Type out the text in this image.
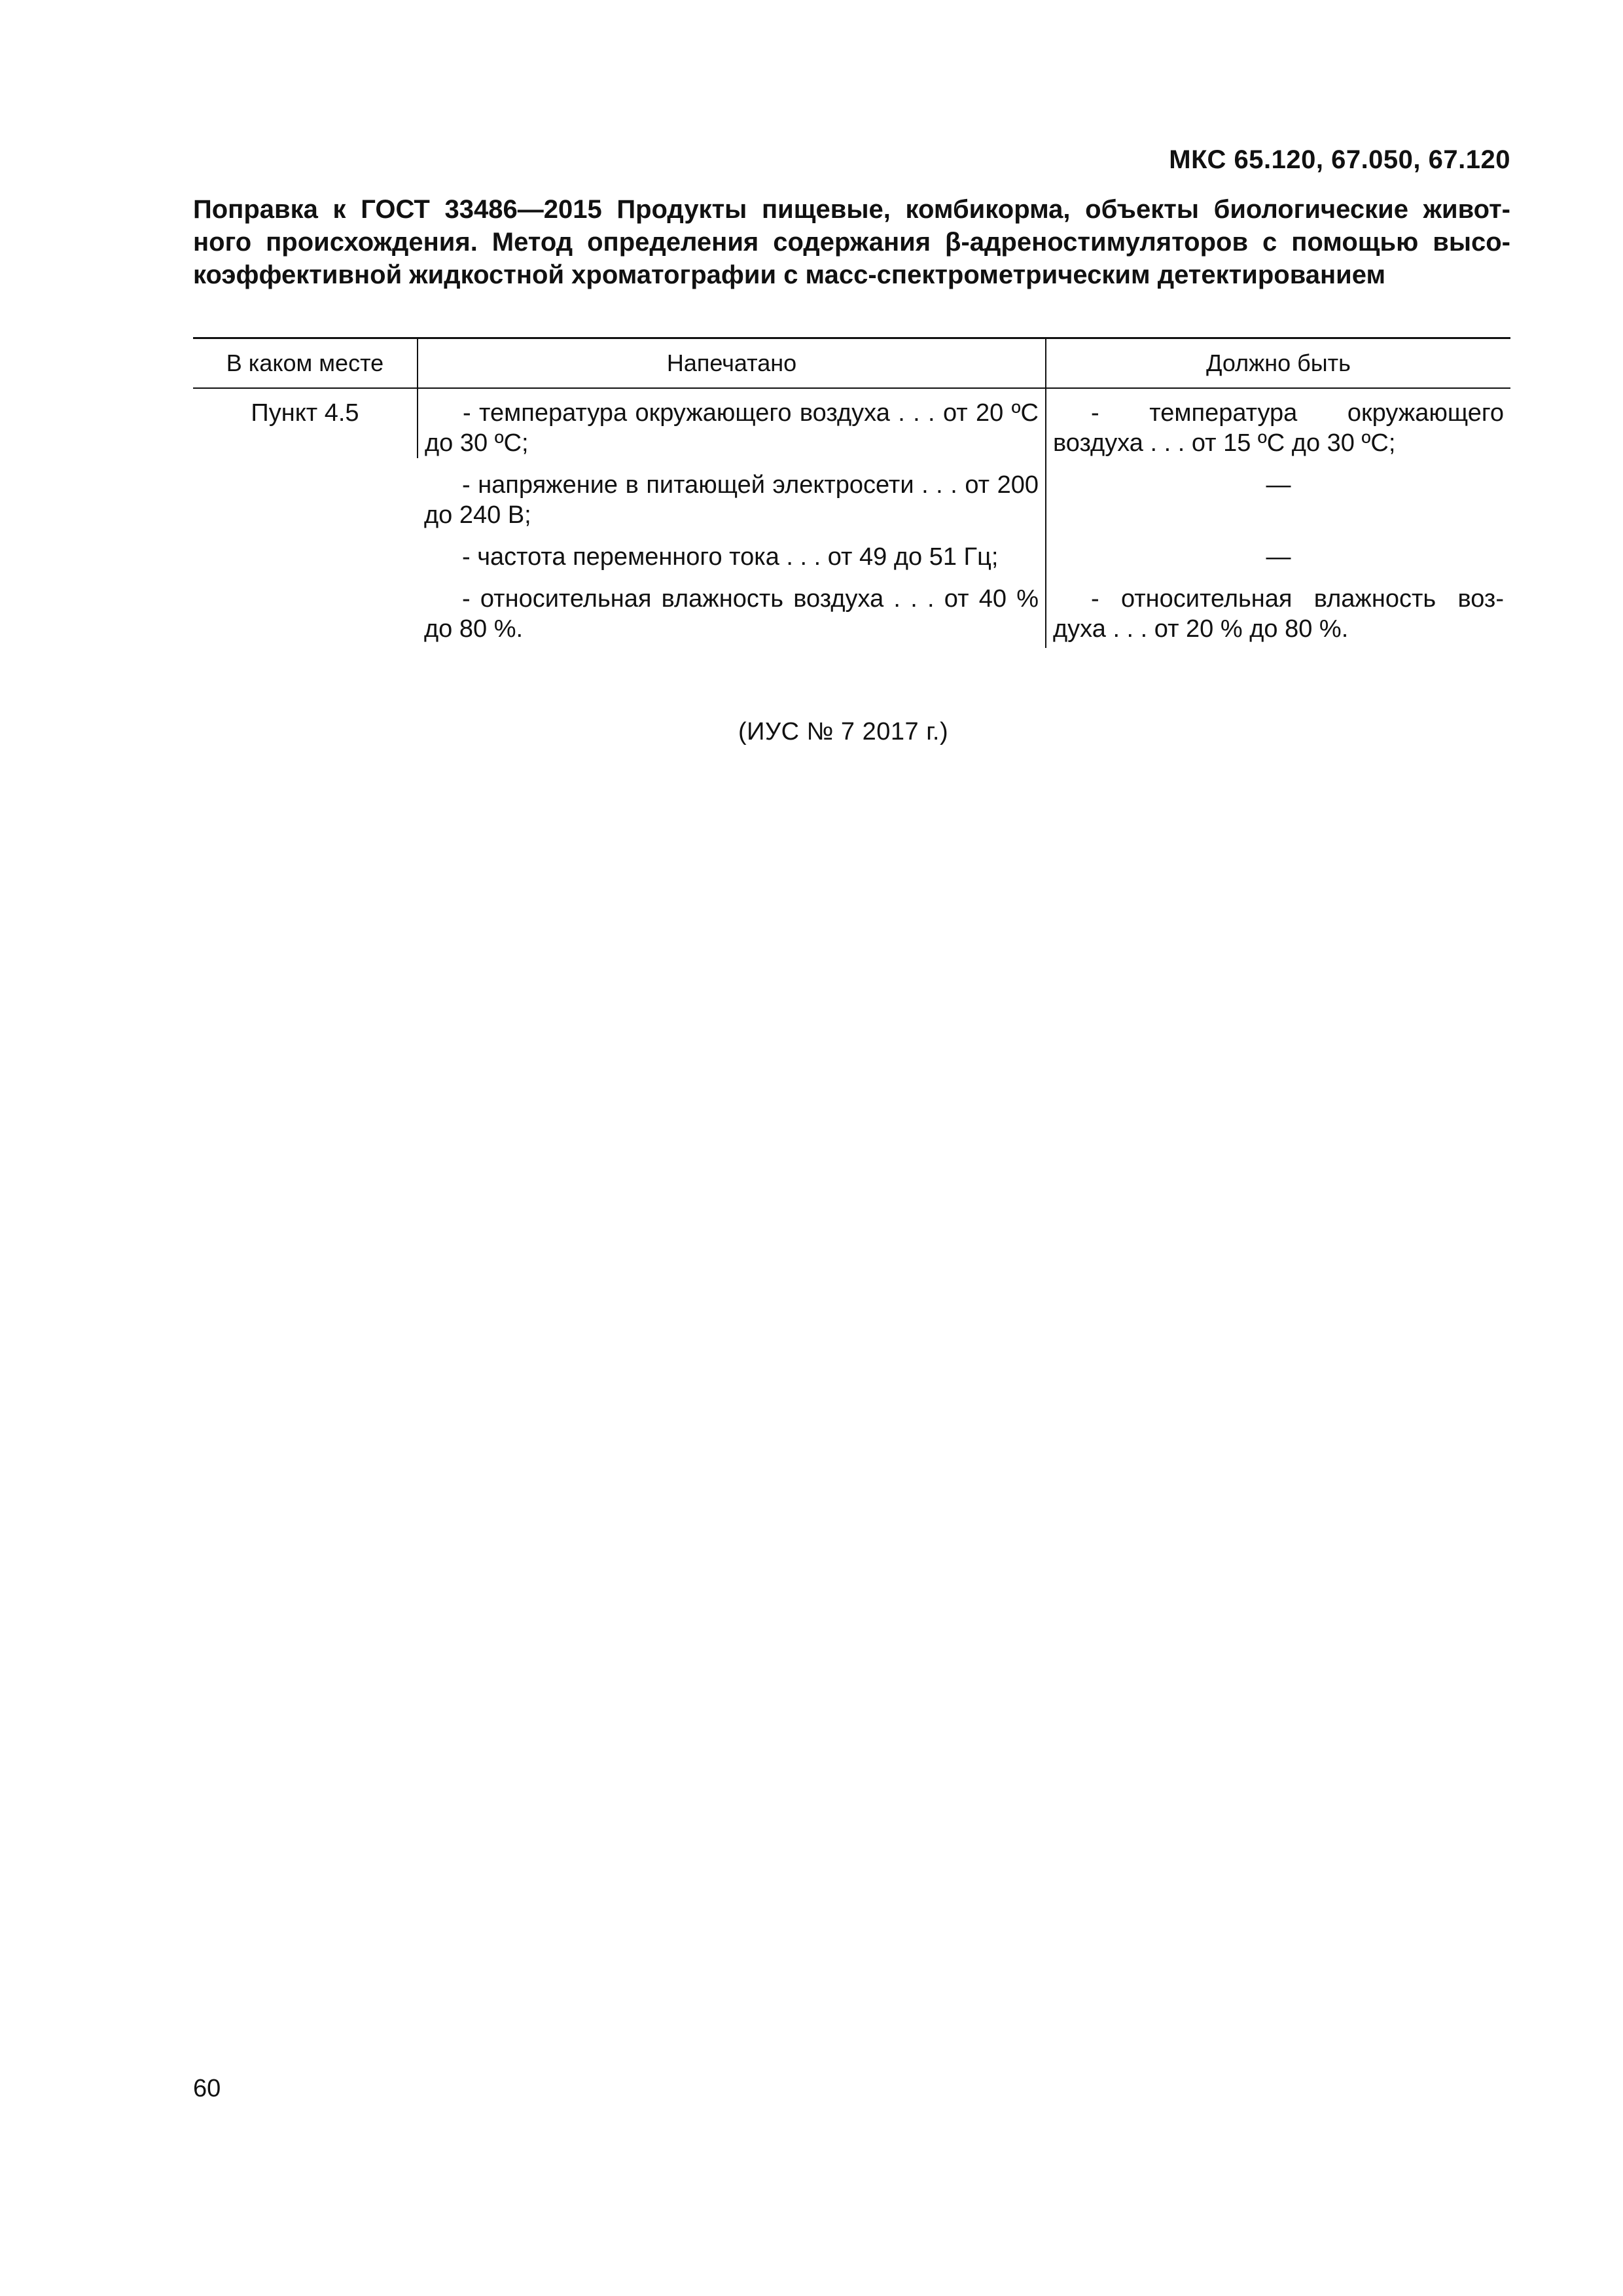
МКС 65.120, 67.050, 67.120
Поправка к ГОСТ 33486—2015 Продукты пищевые, комбикорма, объекты биологические живот-
ного происхождения. Метод определения содержания β-адреностимуляторов с помощью высо-
коэффективной жидкостной хроматографии с масс-спектрометрическим детектированием
В каком месте	Напечатано	Должно быть
Пункт 4.5	- температура окружающего воздуха . . . от 20 ºС до 30 ºС;	- температура окружающего воздуха . . . от 15 ºС до 30 ºС;

	- напряжение в питающей электросети . . . от 200 до 240 В;	—

	- частота переменного тока . . . от 49 до 51 Гц;	—

	- относительная влажность воздуха . . . от 40 % до 80 %.	- относительная влажность воз-духа . . . от 20 % до 80 %.
(ИУС № 7 2017 г.)
60
